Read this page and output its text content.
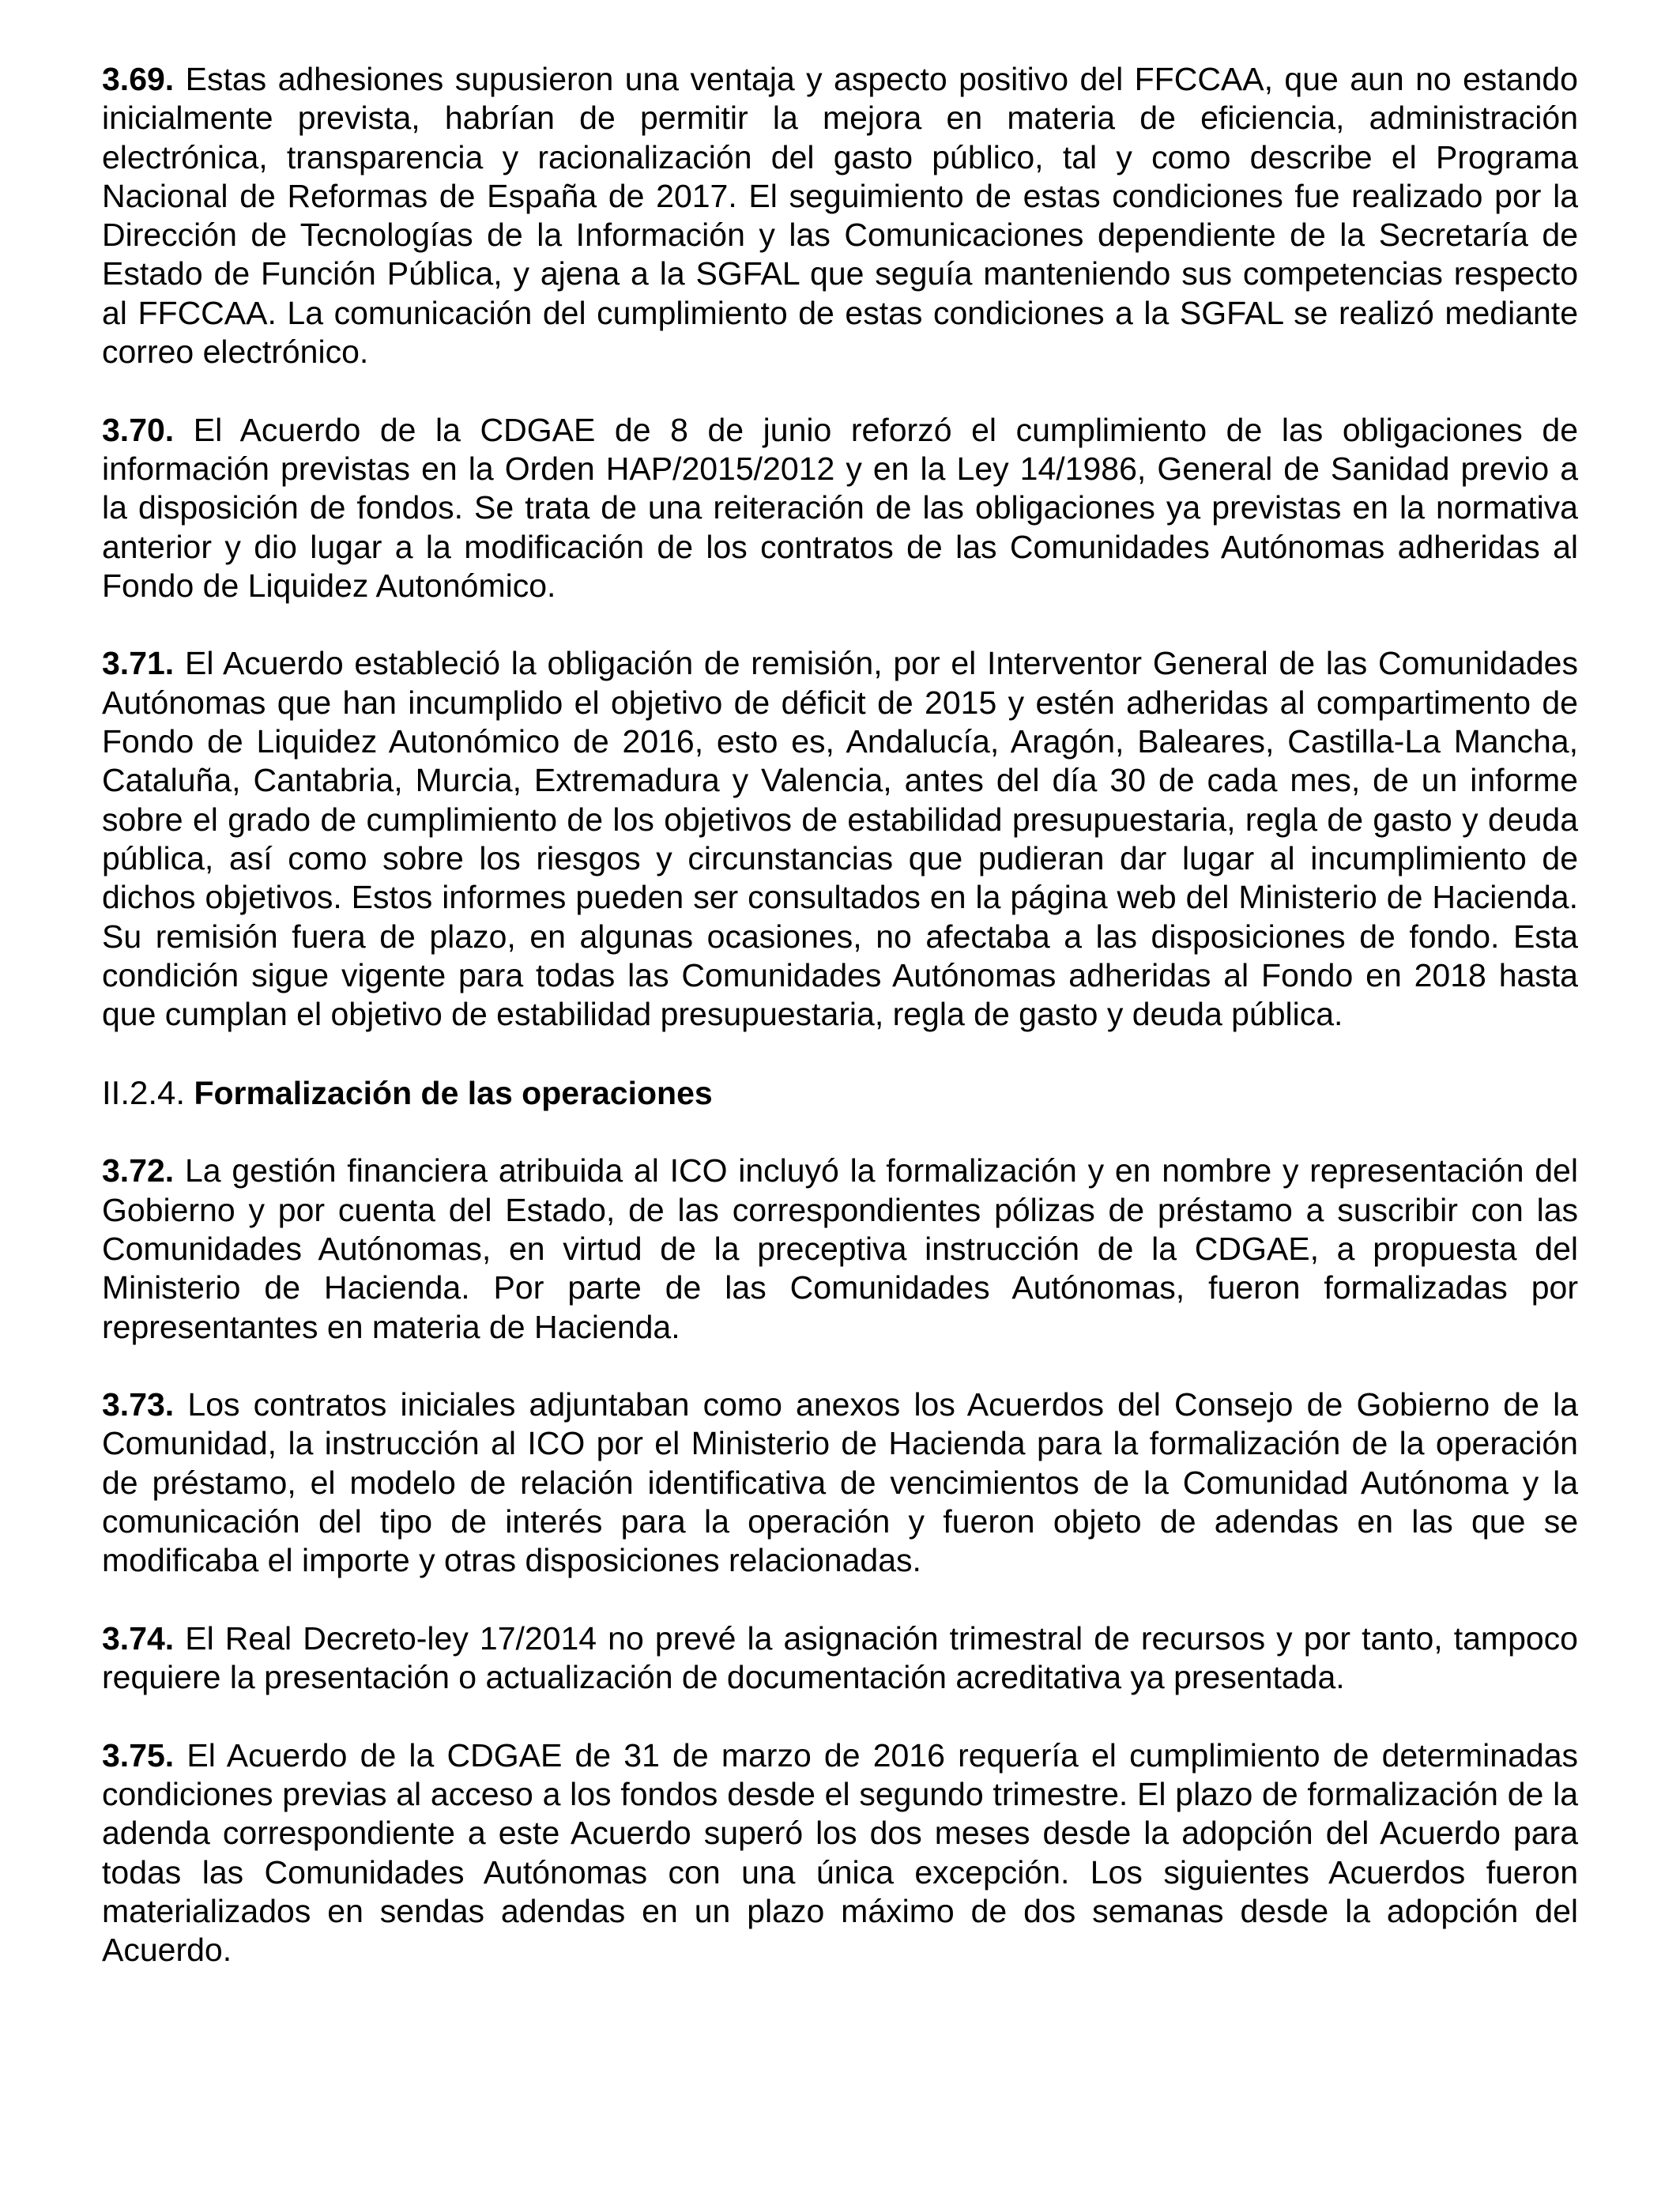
3.69. Estas adhesiones supusieron una ventaja y aspecto positivo del FFCCAA, que aun no estando inicialmente prevista, habrían de permitir la mejora en materia de eficiencia, administración electrónica, transparencia y racionalización del gasto público, tal y como describe el Programa Nacional de Reformas de España de 2017. El seguimiento de estas condiciones fue realizado por la Dirección de Tecnologías de la Información y las Comunicaciones dependiente de la Secretaría de Estado de Función Pública, y ajena a la SGFAL que seguía manteniendo sus competencias respecto al FFCCAA. La comunicación del cumplimiento de estas condiciones a la SGFAL se realizó mediante correo electrónico.

3.70. El Acuerdo de la CDGAE de 8 de junio reforzó el cumplimiento de las obligaciones de información previstas en la Orden HAP/2015/2012 y en la Ley 14/1986, General de Sanidad previo a la disposición de fondos. Se trata de una reiteración de las obligaciones ya previstas en la normativa anterior y dio lugar a la modificación de los contratos de las Comunidades Autónomas adheridas al Fondo de Liquidez Autonómico.

3.71. El Acuerdo estableció la obligación de remisión, por el Interventor General de las Comunidades Autónomas que han incumplido el objetivo de déficit de 2015 y estén adheridas al compartimento de Fondo de Liquidez Autonómico de 2016, esto es, Andalucía, Aragón, Baleares, Castilla-La Mancha, Cataluña, Cantabria, Murcia, Extremadura y Valencia, antes del día 30 de cada mes, de un informe sobre el grado de cumplimiento de los objetivos de estabilidad presupuestaria, regla de gasto y deuda pública, así como sobre los riesgos y circunstancias que pudieran dar lugar al incumplimiento de dichos objetivos. Estos informes pueden ser consultados en la página web del Ministerio de Hacienda. Su remisión fuera de plazo, en algunas ocasiones, no afectaba a las disposiciones de fondo. Esta condición sigue vigente para todas las Comunidades Autónomas adheridas al Fondo en 2018 hasta que cumplan el objetivo de estabilidad presupuestaria, regla de gasto y deuda pública.

II.2.4. Formalización de las operaciones

3.72. La gestión financiera atribuida al ICO incluyó la formalización y en nombre y representación del Gobierno y por cuenta del Estado, de las correspondientes pólizas de préstamo a suscribir con las Comunidades Autónomas, en virtud de la preceptiva instrucción de la CDGAE, a propuesta del Ministerio de Hacienda. Por parte de las Comunidades Autónomas, fueron formalizadas por representantes en materia de Hacienda.

3.73. Los contratos iniciales adjuntaban como anexos los Acuerdos del Consejo de Gobierno de la Comunidad, la instrucción al ICO por el Ministerio de Hacienda para la formalización de la operación de préstamo, el modelo de relación identificativa de vencimientos de la Comunidad Autónoma y la comunicación del tipo de interés para la operación y fueron objeto de adendas en las que se modificaba el importe y otras disposiciones relacionadas.

3.74. El Real Decreto-ley 17/2014 no prevé la asignación trimestral de recursos y por tanto, tampoco requiere la presentación o actualización de documentación acreditativa ya presentada.

3.75. El Acuerdo de la CDGAE de 31 de marzo de 2016 requería el cumplimiento de determinadas condiciones previas al acceso a los fondos desde el segundo trimestre. El plazo de formalización de la adenda correspondiente a este Acuerdo superó los dos meses desde la adopción del Acuerdo para todas las Comunidades Autónomas con una única excepción. Los siguientes Acuerdos fueron materializados en sendas adendas en un plazo máximo de dos semanas desde la adopción del Acuerdo.
